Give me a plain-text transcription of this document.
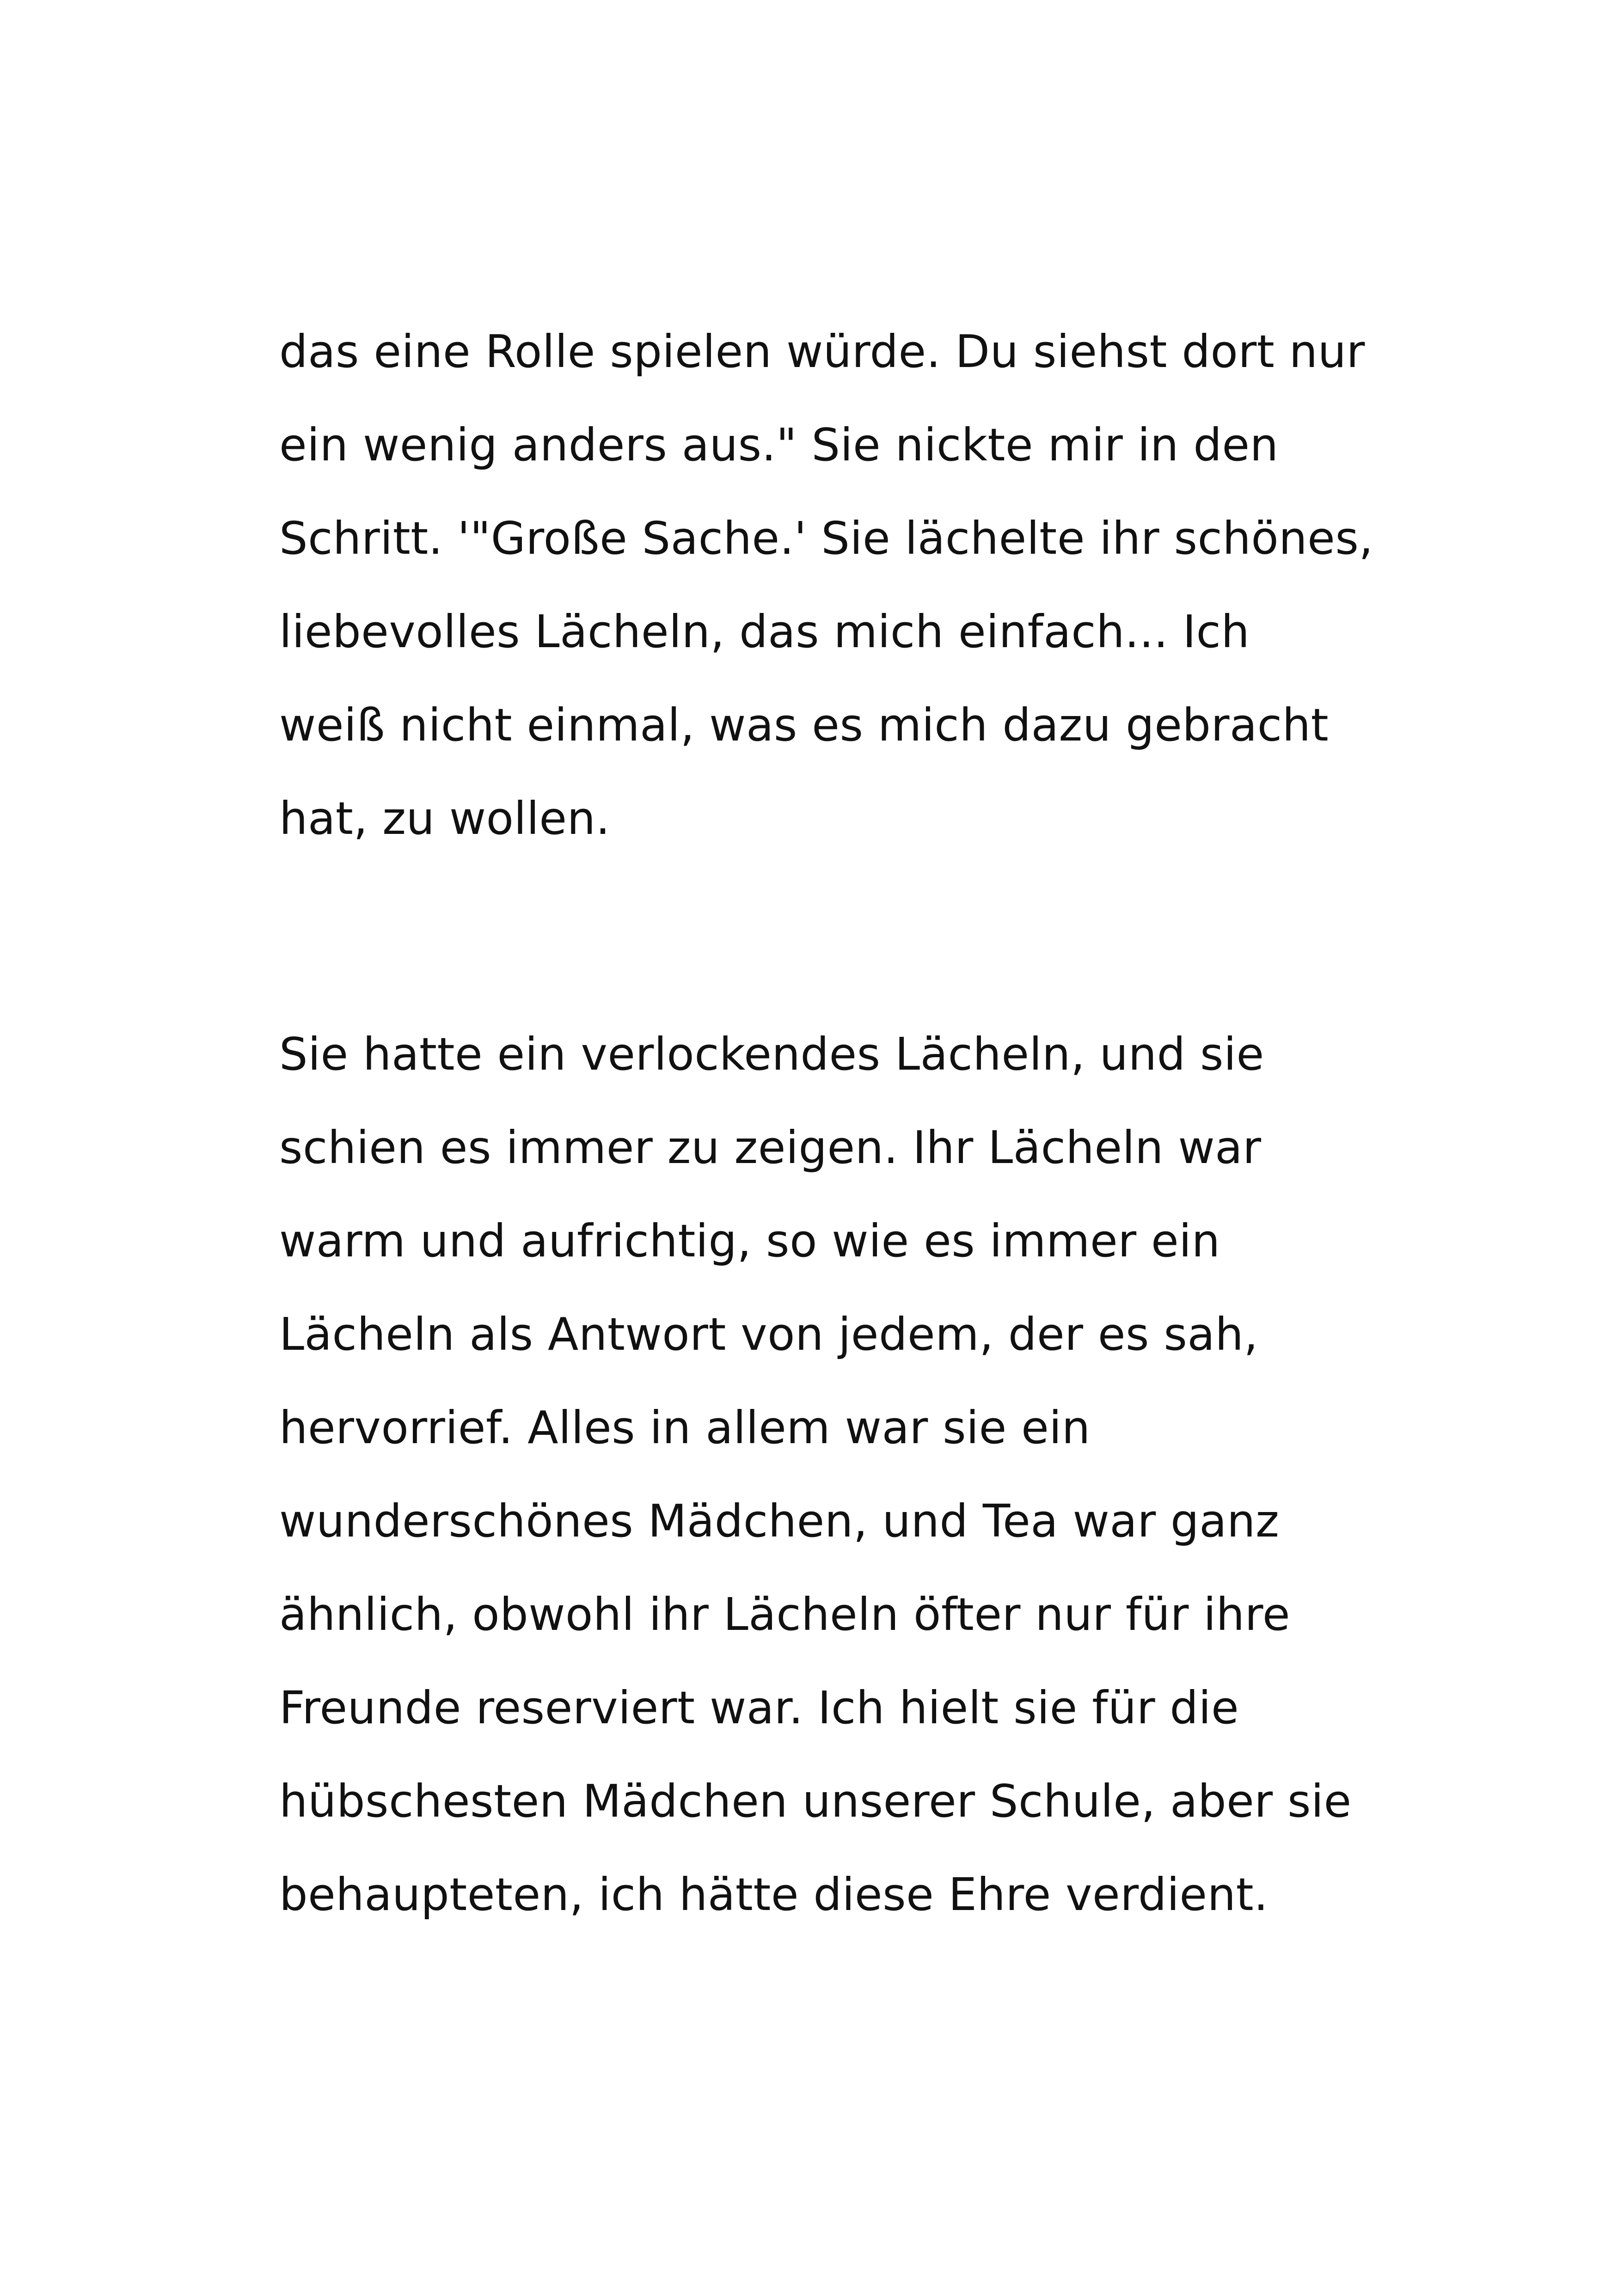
das eine Rolle spielen würde. Du siehst dort nur
ein wenig anders aus." Sie nickte mir in den
Schritt. '"Große Sache.' Sie lächelte ihr schönes,
liebevolles Lächeln, das mich einfach... Ich
weiß nicht einmal, was es mich dazu gebracht
hat, zu wollen.

Sie hatte ein verlockendes Lächeln, und sie
schien es immer zu zeigen. Ihr Lächeln war
warm und aufrichtig, so wie es immer ein
Lächeln als Antwort von jedem, der es sah,
hervorrief. Alles in allem war sie ein
wunderschönes Mädchen, und Tea war ganz
ähnlich, obwohl ihr Lächeln öfter nur für ihre
Freunde reserviert war. Ich hielt sie für die
hübschesten Mädchen unserer Schule, aber sie
behaupteten, ich hätte diese Ehre verdient.
